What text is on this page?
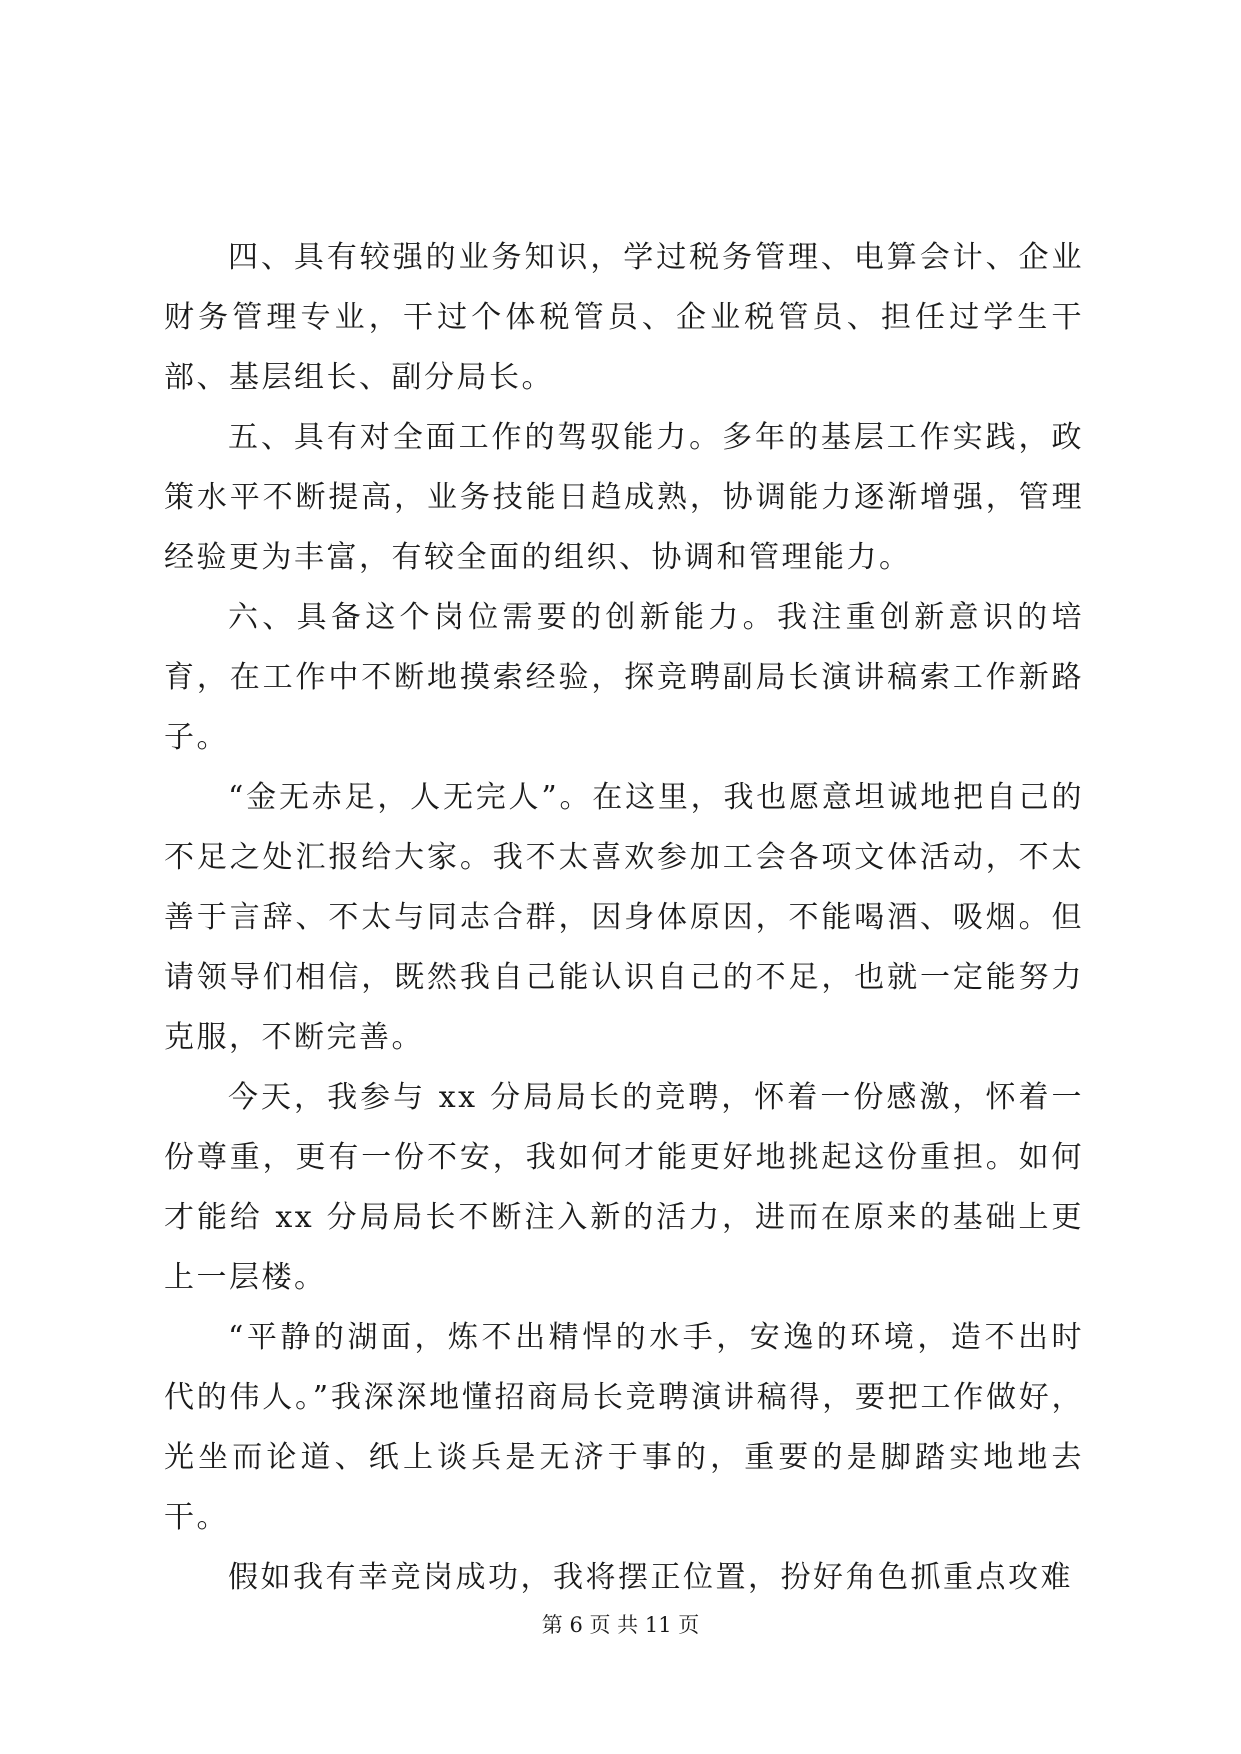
四、具有较强的业务知识，学过税务管理、电算会计、企业财务管理专业，干过个体税管员、企业税管员、担任过学生干部、基层组长、副分局长。

五、具有对全面工作的驾驭能力。多年的基层工作实践，政策水平不断提高，业务技能日趋成熟，协调能力逐渐增强，管理经验更为丰富，有较全面的组织、协调和管理能力。

六、具备这个岗位需要的创新能力。我注重创新意识的培育，在工作中不断地摸索经验，探竞聘副局长演讲稿索工作新路子。

“金无赤足，人无完人”。在这里，我也愿意坦诚地把自己的不足之处汇报给大家。我不太喜欢参加工会各项文体活动，不太善于言辞、不太与同志合群，因身体原因，不能喝酒、吸烟。但请领导们相信，既然我自己能认识自己的不足，也就一定能努力克服，不断完善。

今天，我参与 xx 分局局长的竞聘，怀着一份感激，怀着一份尊重，更有一份不安，我如何才能更好地挑起这份重担。如何才能给 xx 分局局长不断注入新的活力，进而在原来的基础上更上一层楼。

“平静的湖面，炼不出精悍的水手，安逸的环境，造不出时代的伟人。”我深深地懂招商局长竞聘演讲稿得，要把工作做好，光坐而论道、纸上谈兵是无济于事的，重要的是脚踏实地地去干。

假如我有幸竞岗成功，我将摆正位置，扮好角色抓重点攻难

第 6 页 共 11 页
